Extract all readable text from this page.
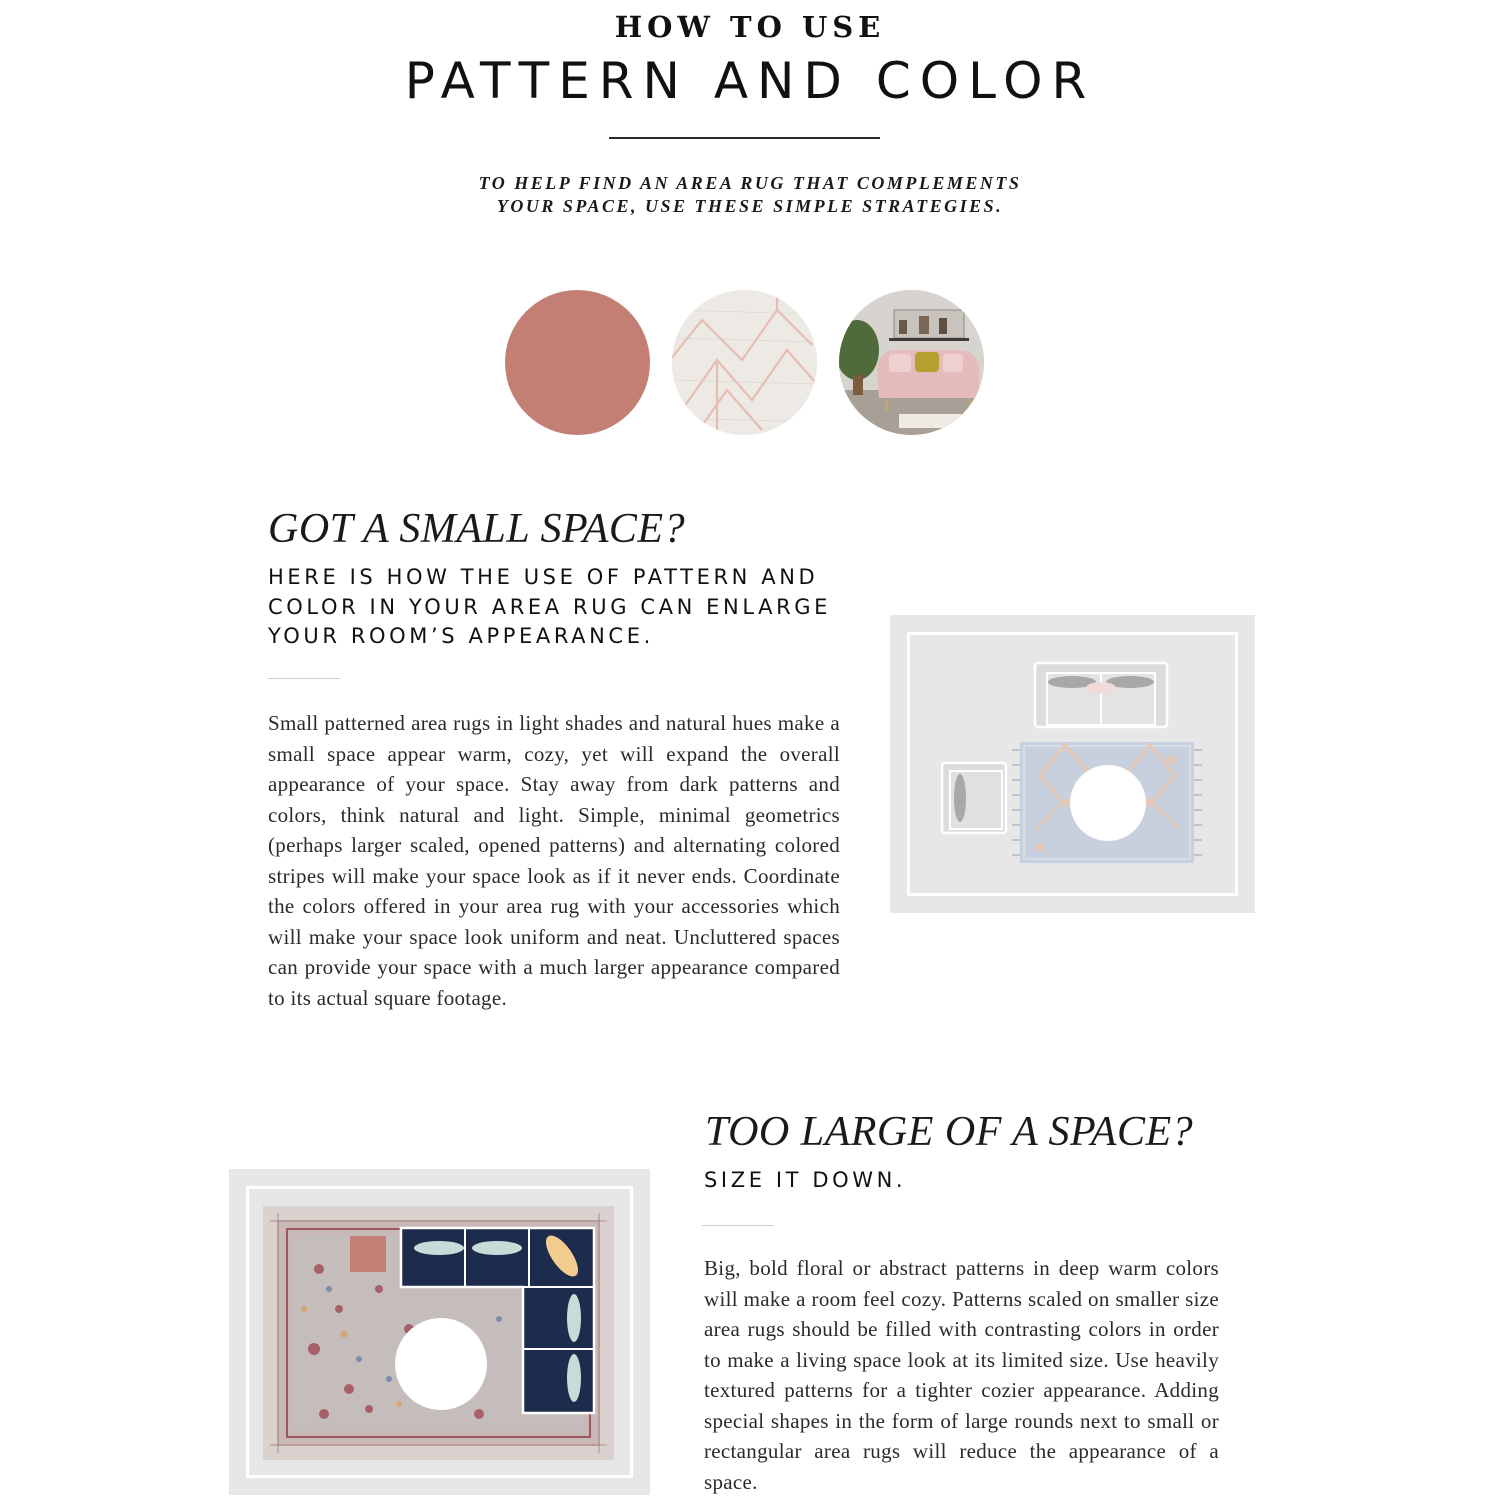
HOW TO USE
PATTERN AND COLOR
TO HELP FIND AN AREA RUG THAT COMPLEMENTS
YOUR SPACE, USE THESE SIMPLE STRATEGIES.
GOT A SMALL SPACE?
HERE IS HOW THE USE OF PATTERN AND
COLOR IN YOUR AREA RUG CAN ENLARGE
YOUR ROOM’S APPEARANCE.
Small patterned area rugs in light shades and natural hues make a small space appear warm, cozy, yet will expand the overall appearance of your space. Stay away from dark patterns and colors, think natural and light. Simple, minimal geometrics (perhaps larger scaled, opened patterns) and alternating colored stripes will make your space look as if it never ends. Coordinate the colors offered in your area rug with your accessories which will make your space look uniform and neat. Uncluttered spaces can provide your space with a much larger appearance compared to its actual square footage.
TOO LARGE OF A SPACE?
SIZE IT DOWN.
Big, bold floral or abstract patterns in deep warm colors will make a room feel cozy. Patterns scaled on smaller size area rugs should be filled with contrasting colors in order to make a living space look at its limited size. Use heavily textured patterns for a tighter cozier appearance. Adding special shapes in the form of large rounds next to small or rectangular area rugs will reduce the appearance of a space.
